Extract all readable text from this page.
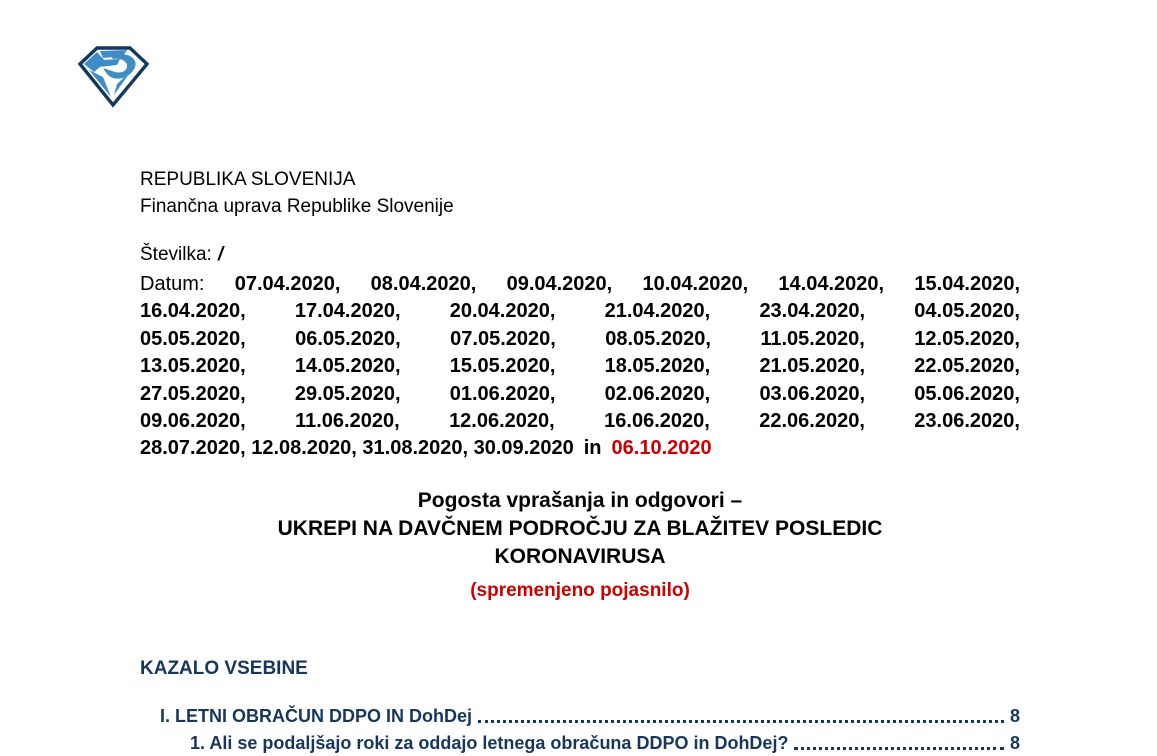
REPUBLIKA SLOVENIJA
Finančna uprava Republike Slovenije
Številka: /
Datum: 07.04.2020, 08.04.2020, 09.04.2020, 10.04.2020, 14.04.2020, 15.04.2020,
16.04.2020, 17.04.2020, 20.04.2020, 21.04.2020, 23.04.2020, 04.05.2020,
05.05.2020, 06.05.2020, 07.05.2020, 08.05.2020, 11.05.2020, 12.05.2020,
13.05.2020, 14.05.2020, 15.05.2020, 18.05.2020, 21.05.2020, 22.05.2020,
27.05.2020, 29.05.2020, 01.06.2020, 02.06.2020, 03.06.2020, 05.06.2020,
09.06.2020, 11.06.2020, 12.06.2020, 16.06.2020, 22.06.2020, 23.06.2020,
28.07.2020, 12.08.2020, 31.08.2020, 30.09.2020 in 06.10.2020
Pogosta vprašanja in odgovori –
UKREPI NA DAVČNEM PODROČJU ZA BLAŽITEV POSLEDIC
KORONAVIRUSA
(spremenjeno pojasnilo)
KAZALO VSEBINE
I. LETNI OBRAČUN DDPO IN DohDej	8
1. Ali se podaljšajo roki za oddajo letnega obračuna DDPO in DohDej?	8
